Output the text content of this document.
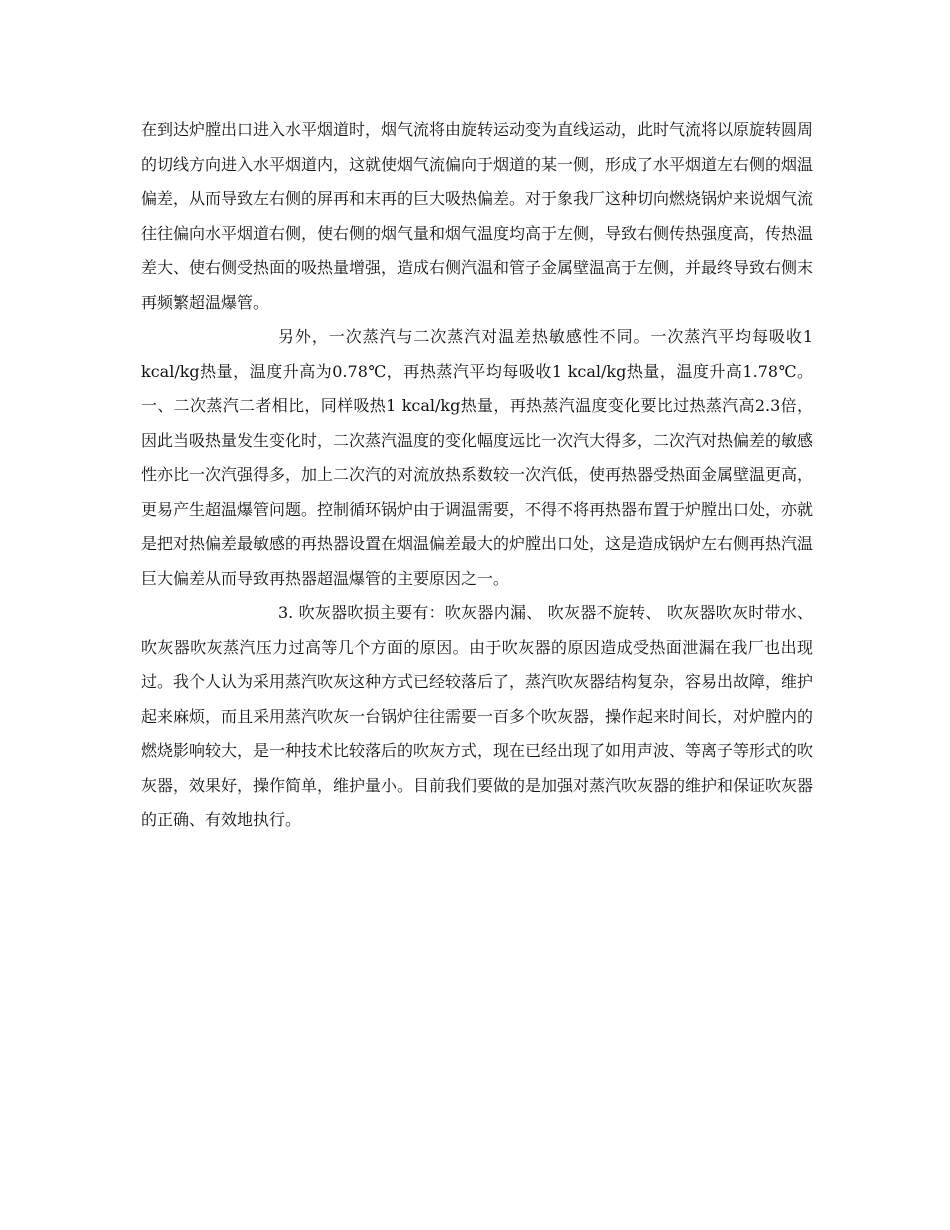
在到达炉膛出口进入水平烟道时，烟气流将由旋转运动变为直线运动，此时气流将以原旋转圆周的切线方向进入水平烟道内，这就使烟气流偏向于烟道的某一侧，形成了水平烟道左右侧的烟温偏差，从而导致左右侧的屏再和末再的巨大吸热偏差。对于象我厂这种切向燃烧锅炉来说烟气流往往偏向水平烟道右侧，使右侧的烟气量和烟气温度均高于左侧，导致右侧传热强度高，传热温差大、使右侧受热面的吸热量增强，造成右侧汽温和管子金属壁温高于左侧，并最终导致右侧末再频繁超温爆管。

另外，一次蒸汽与二次蒸汽对温差热敏感性不同。一次蒸汽平均每吸收1 kcal/kg热量，温度升高为0.78℃，再热蒸汽平均每吸收1 kcal/kg热量，温度升高1.78℃。一、二次蒸汽二者相比，同样吸热1 kcal/kg热量，再热蒸汽温度变化要比过热蒸汽高2.3倍，因此当吸热量发生变化时，二次蒸汽温度的变化幅度远比一次汽大得多，二次汽对热偏差的敏感性亦比一次汽强得多，加上二次汽的对流放热系数较一次汽低，使再热器受热面金属壁温更高，更易产生超温爆管问题。控制循环锅炉由于调温需要，不得不将再热器布置于炉膛出口处，亦就是把对热偏差最敏感的再热器设置在烟温偏差最大的炉膛出口处，这是造成锅炉左右侧再热汽温巨大偏差从而导致再热器超温爆管的主要原因之一。

3. 吹灰器吹损主要有：吹灰器内漏、 吹灰器不旋转、 吹灰器吹灰时带水、 吹灰器吹灰蒸汽压力过高等几个方面的原因。由于吹灰器的原因造成受热面泄漏在我厂也出现过。我个人认为采用蒸汽吹灰这种方式已经较落后了，蒸汽吹灰器结构复杂，容易出故障，维护起来麻烦，而且采用蒸汽吹灰一台锅炉往往需要一百多个吹灰器，操作起来时间长，对炉膛内的燃烧影响较大，是一种技术比较落后的吹灰方式，现在已经出现了如用声波、等离子等形式的吹灰器，效果好，操作简单，维护量小。目前我们要做的是加强对蒸汽吹灰器的维护和保证吹灰器的正确、有效地执行。
